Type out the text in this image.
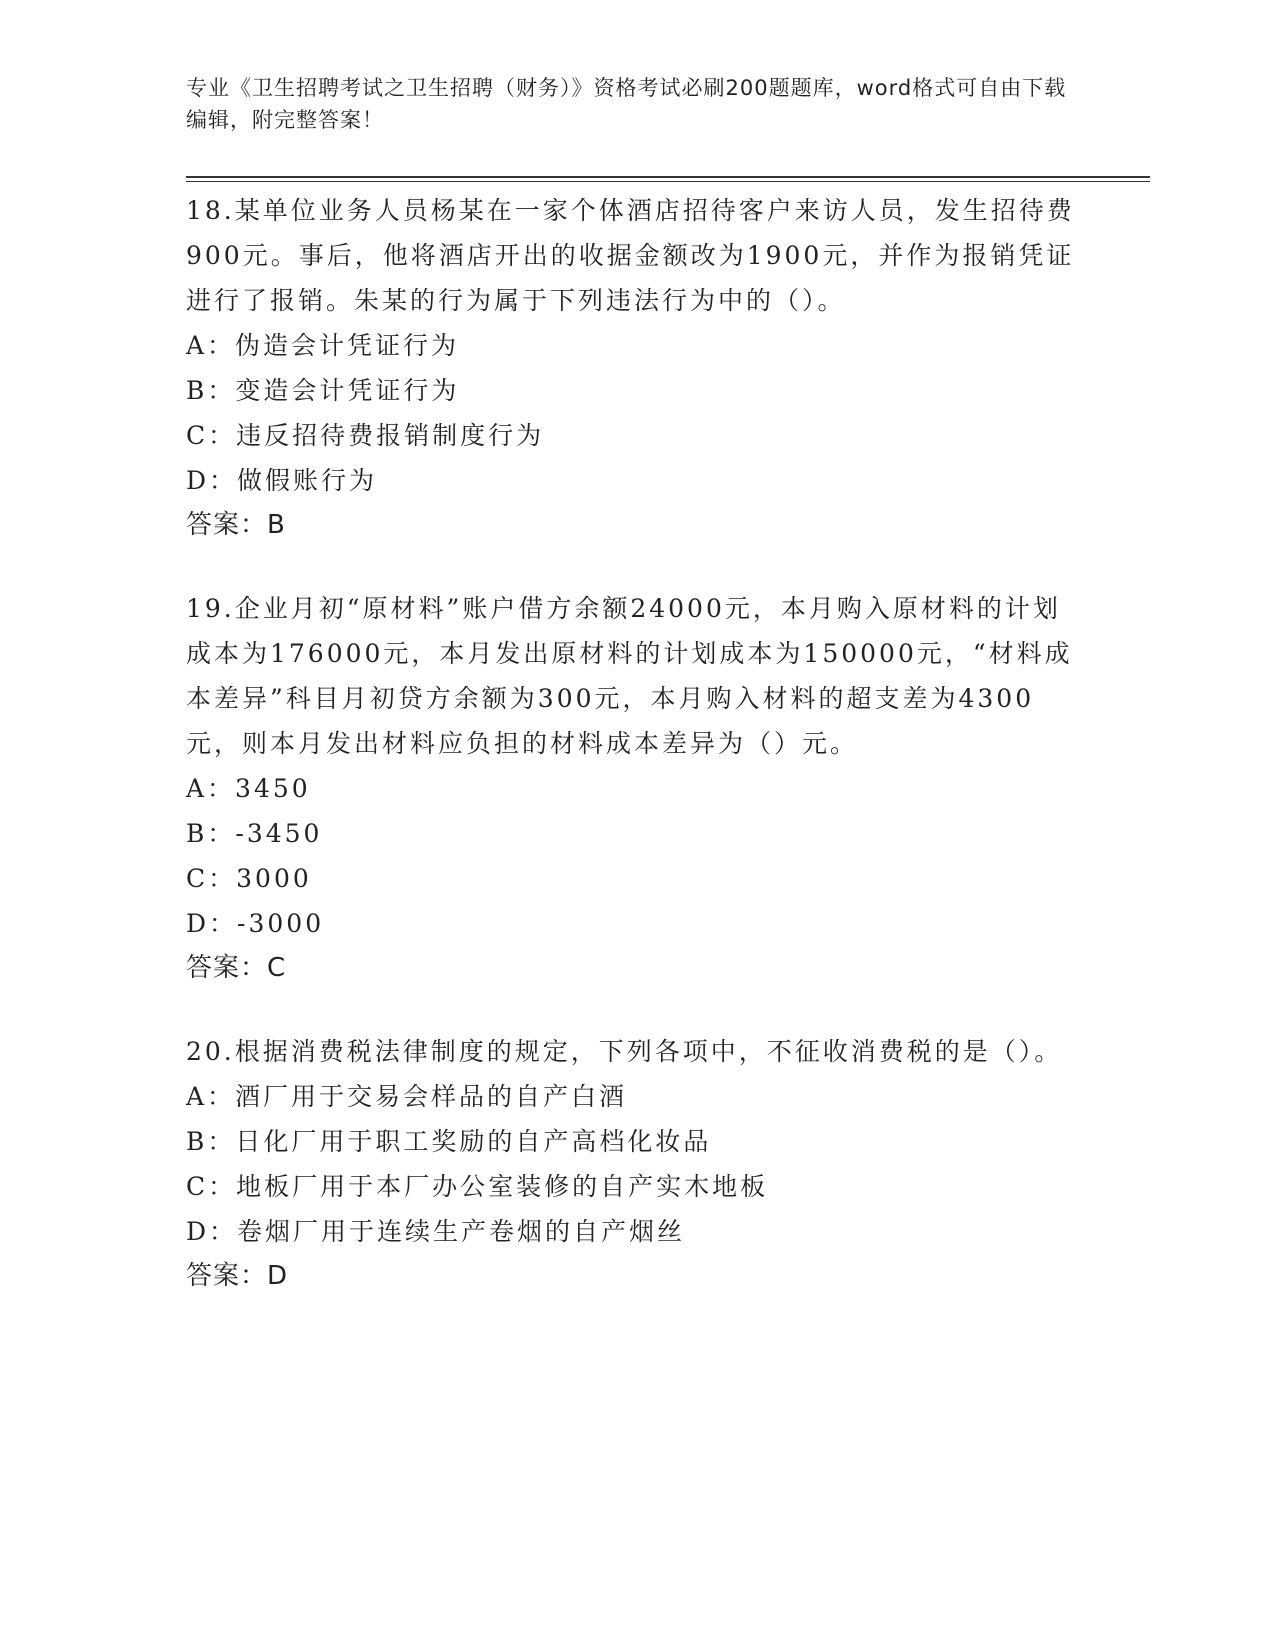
专业《卫生招聘考试之卫生招聘（财务）》资格考试必刷200题题库，word格式可自由下载编辑，附完整答案！
18.某单位业务人员杨某在一家个体酒店招待客户来访人员，发生招待费900元。事后，他将酒店开出的收据金额改为1900元，并作为报销凭证进行了报销。朱某的行为属于下列违法行为中的（）。
A：伪造会计凭证行为
B：变造会计凭证行为
C：违反招待费报销制度行为
D：做假账行为
答案：B
19.企业月初“原材料”账户借方余额24000元，本月购入原材料的计划成本为176000元，本月发出原材料的计划成本为150000元，“材料成本差异”科目月初贷方余额为300元，本月购入材料的超支差为4300元，则本月发出材料应负担的材料成本差异为（）元。
A：3450
B：-3450
C：3000
D：-3000
答案：C
20.根据消费税法律制度的规定，下列各项中，不征收消费税的是（）。
A：酒厂用于交易会样品的自产白酒
B：日化厂用于职工奖励的自产高档化妆品
C：地板厂用于本厂办公室装修的自产实木地板
D：卷烟厂用于连续生产卷烟的自产烟丝
答案：D
